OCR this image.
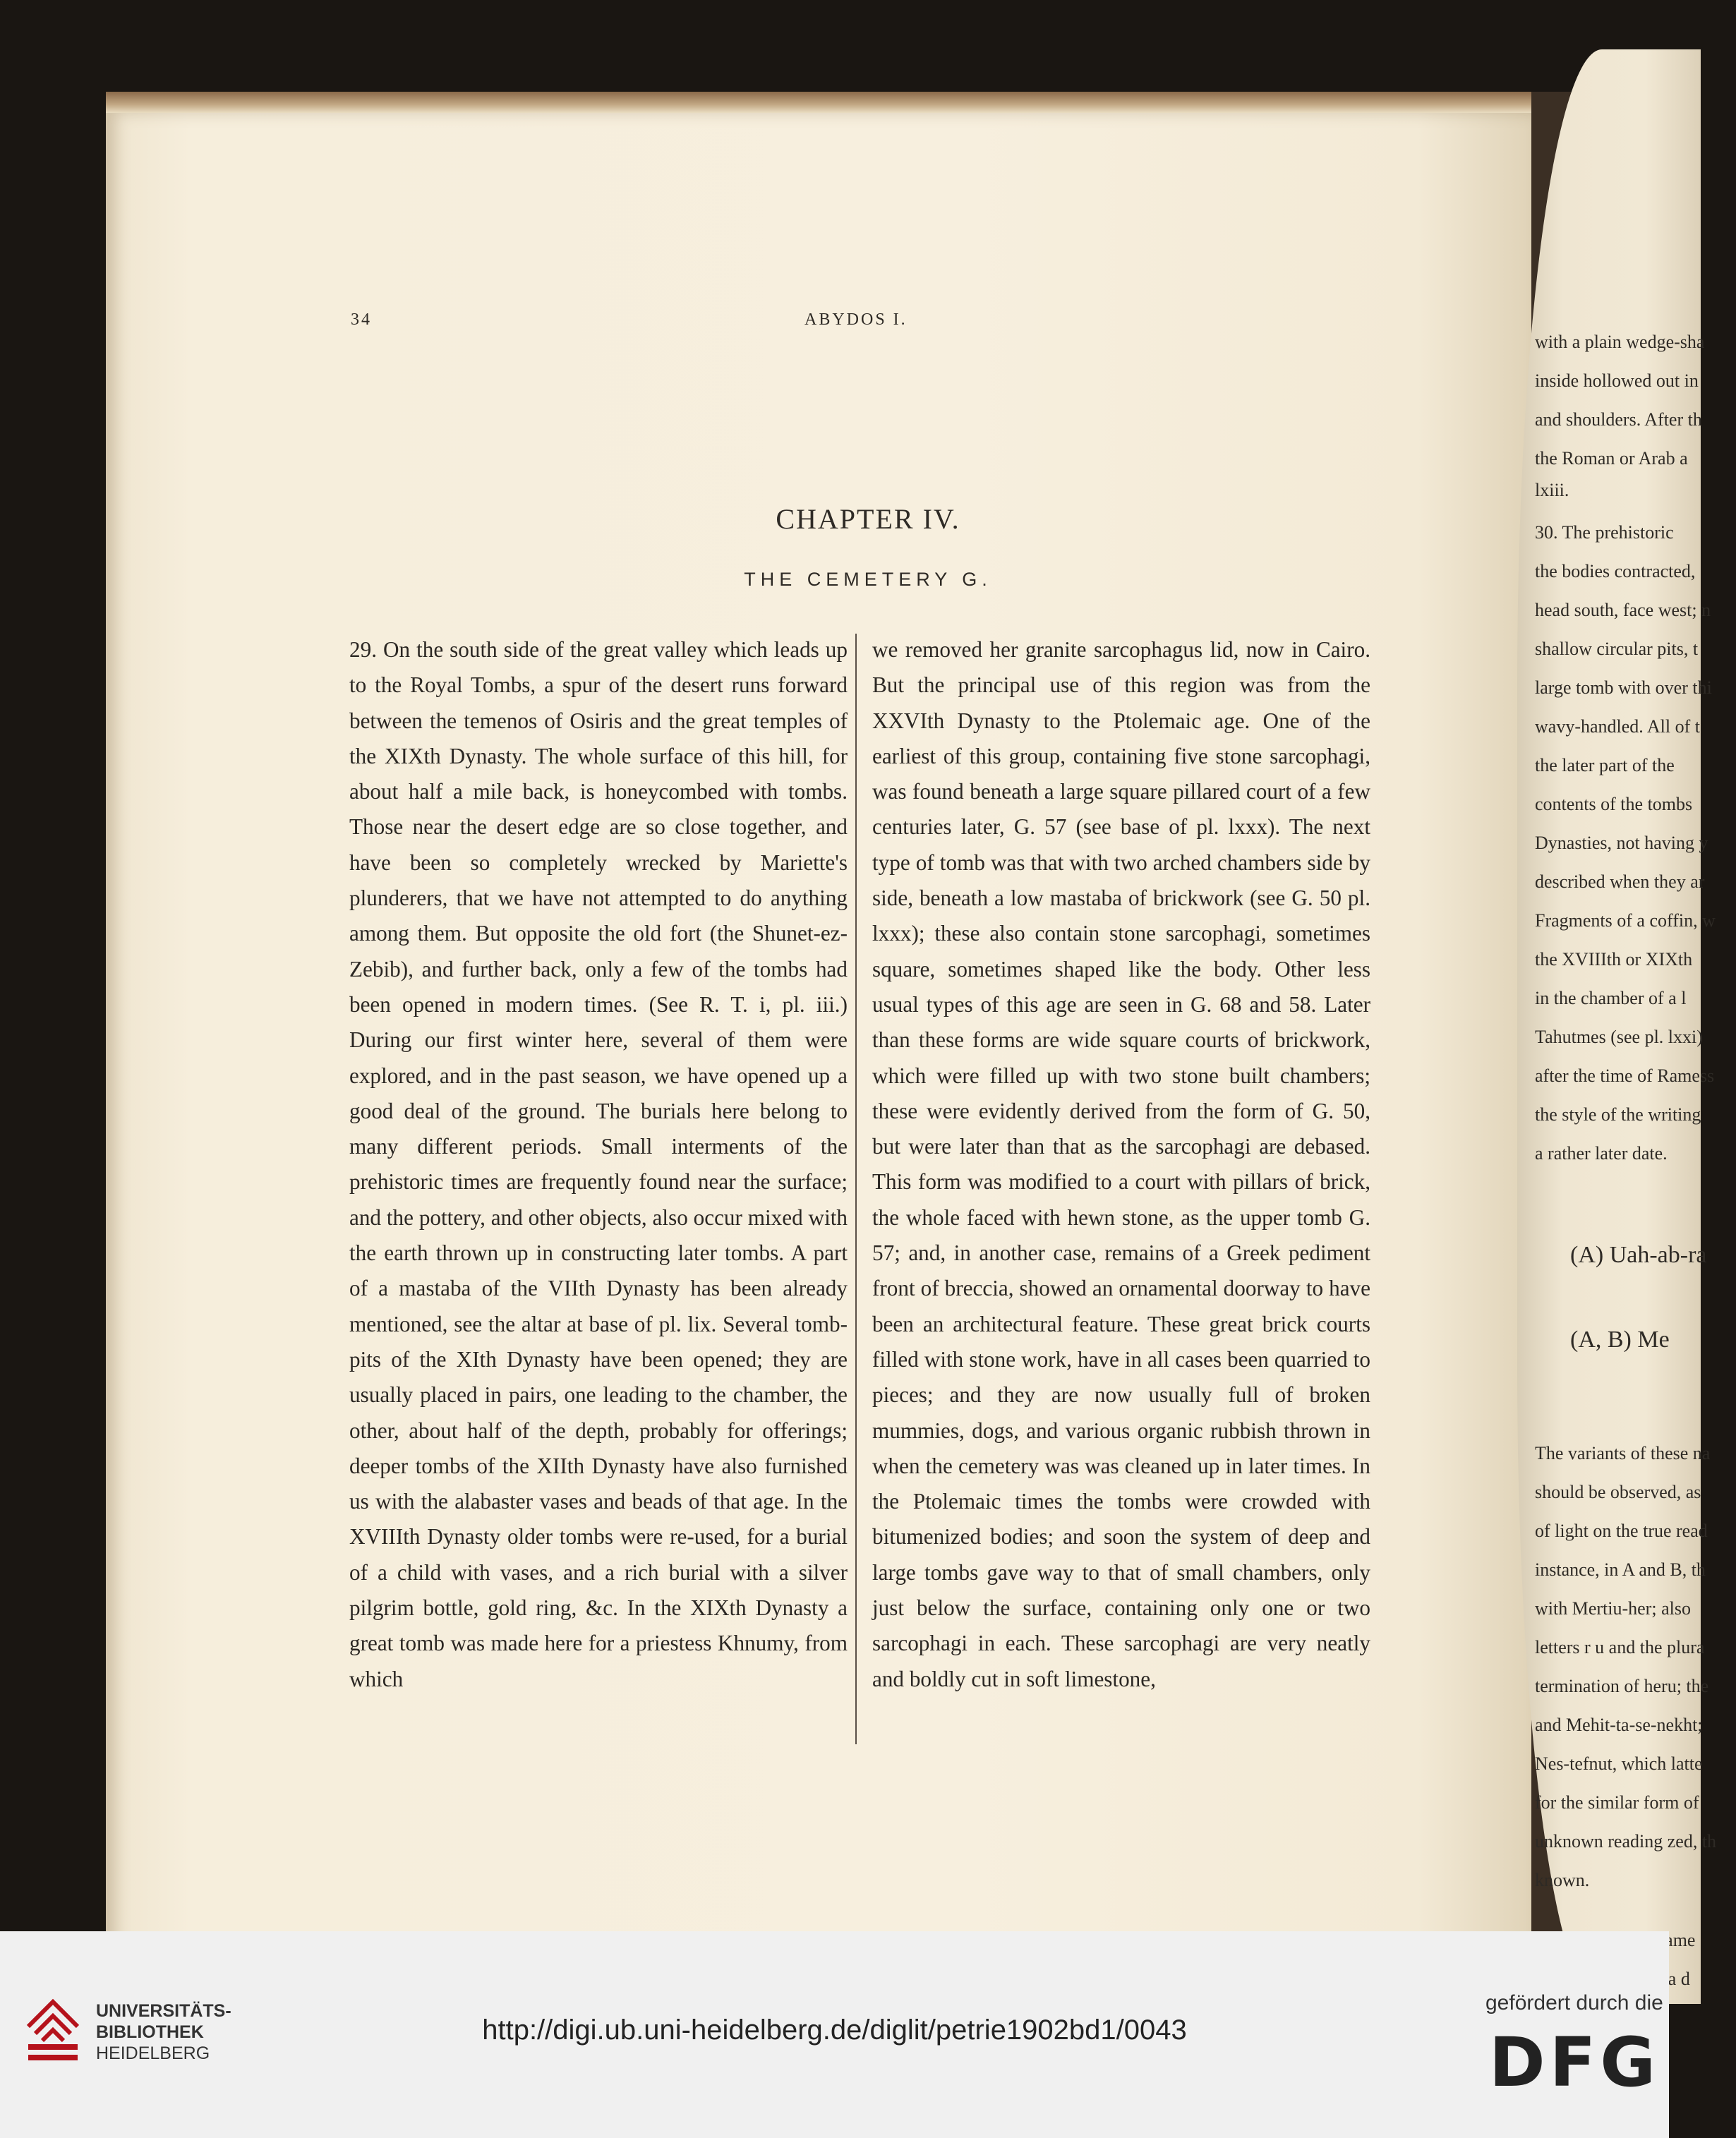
with a plain wedge-sha
inside hollowed out in
and shoulders. After th
the Roman or Arab a
lxiii.
30. The prehistoric
the bodies contracted,
head south, face west; n
shallow circular pits, t
large tomb with over thi
wavy-handled. All of t
the later part of the
contents of the tombs
Dynasties, not having y
described when they ar
Fragments of a coffin, w
the XVIIIth or XIXth
in the chamber of a l
Tahutmes (see pl. lxxi)
after the time of Ramess
the style of the writing
a rather later date.
(A) Uah-ab-ra
(A, B) Me
The variants of these na
should be observed, as
of light on the true read
instance, in A and B, th
with Mertiu-her; also
letters r u and the plura
termination of heru; the
and Mehit-ta-se-nekht;
Nes-tefnut, which latte
for the similar form of
unknown reading zed, th
known.
34	ABYDOS I.
CHAPTER IV.
THE CEMETERY G.

29. On the south side of the great valley which leads up to the Royal Tombs, a spur of the desert runs forward between the temenos of Osiris and the great temples of the XIXth Dynasty. The whole surface of this hill, for about half a mile back, is honeycombed with tombs. Those near the desert edge are so close together, and have been so completely wrecked by Mariette's plunderers, that we have not attempted to do anything among them. But opposite the old fort (the Shunet-ez-Zebib), and further back, only a few of the tombs had been opened in modern times. (See R. T. i, pl. iii.) During our first winter here, several of them were explored, and in the past season, we have opened up a good deal of the ground. The burials here belong to many different periods. Small interments of the prehistoric times are frequently found near the surface; and the pottery, and other objects, also occur mixed with the earth thrown up in constructing later tombs. A part of a mastaba of the VIIth Dynasty has been already mentioned, see the altar at base of pl. lix. Several tomb-pits of the XIth Dynasty have been opened; they are usually placed in pairs, one leading to the chamber, the other, about half of the depth, probably for offerings; deeper tombs of the XIIth Dynasty have also furnished us with the alabaster vases and beads of that age. In the XVIIIth Dynasty older tombs were re-used, for a burial of a child with vases, and a rich burial with a silver pilgrim bottle, gold ring, &c. In the XIXth Dynasty a great tomb was made here for a priestess Khnumy, from which

we removed her granite sarcophagus lid, now in Cairo. But the principal use of this region was from the XXVIth Dynasty to the Ptolemaic age. One of the earliest of this group, containing five stone sarcophagi, was found beneath a large square pillared court of a few centuries later, G. 57 (see base of pl. lxxx). The next type of tomb was that with two arched chambers side by side, beneath a low mastaba of brickwork (see G. 50 pl. lxxx); these also contain stone sarcophagi, sometimes square, sometimes shaped like the body. Other less usual types of this age are seen in G. 68 and 58. Later than these forms are wide square courts of brickwork, which were filled up with two stone built chambers; these were evidently derived from the form of G. 50, but were later than that as the sarcophagi are debased. This form was modified to a court with pillars of brick, the whole faced with hewn stone, as the upper tomb G. 57; and, in another case, remains of a Greek pediment front of breccia, showed an ornamental doorway to have been an architectural feature. These great brick courts filled with stone work, have in all cases been quarried to pieces; and they are now usually full of broken mummies, dogs, and various organic rubbish thrown in when the cemetery was was cleaned up in later times. In the Ptolemaic times the tombs were crowded with bitumenized bodies; and soon the system of deep and large tombs gave way to that of small chambers, only just below the surface, containing only one or two sarcophagi in each. These sarcophagi are very neatly and boldly cut in soft limestone,

UNIVERSITÄTS-
BIBLIOTHEK
HEIDELBERG
http://digi.ub.uni-heidelberg.de/diglit/petrie1902bd1/0043
gefördert durch die
DFG
